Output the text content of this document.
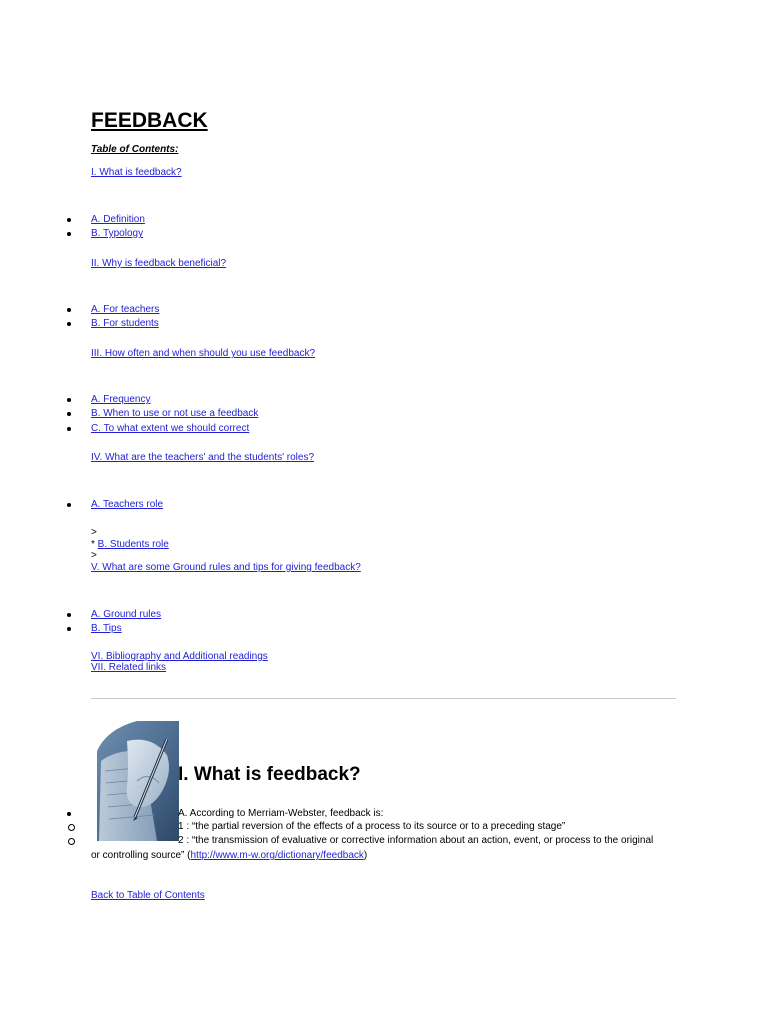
FEEDBACK
Table of Contents:
I. What is feedback?
A. Definition
B. Typology
II. Why is feedback beneficial?
A. For teachers
B. For students
III. How often and when should you use feedback?
A. Frequency
B. When to use or not use a feedback
C. To what extent we should correct
IV. What are the teachers' and the students' roles?
A. Teachers role
>
* B. Students role
>
V. What are some Ground rules and tips for giving feedback?
A. Ground rules
B. Tips
VI. Bibliography and Additional readings
VII. Related links
I. What is feedback?
A. According to Merriam-Webster, feedback is:
1 : “the partial reversion of the effects of a process to its source or to a preceding stage”
2 : “the transmission of evaluative or corrective information about an action, event, or process to the original
or controlling source” (http://www.m-w.org/dictionary/feedback)
Back to Table of Contents
